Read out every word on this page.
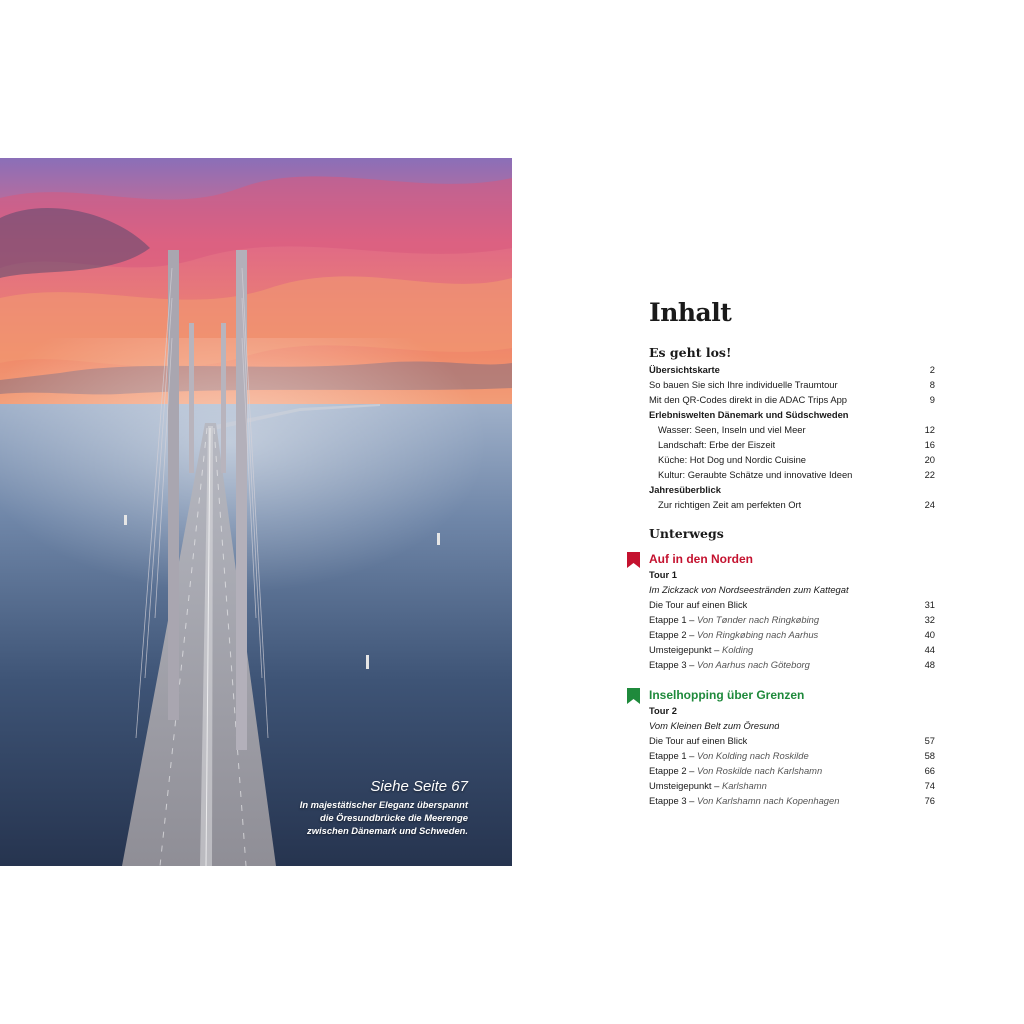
Siehe Seite 67
In majestätischer Eleganz überspannt
die Öresundbrücke die Meerenge
zwischen Dänemark und Schweden.
Inhalt
Es geht los!
Übersichtskarte	2
So bauen Sie sich Ihre individuelle Traumtour	8
Mit den QR-Codes direkt in die ADAC Trips App	9
Erlebniswelten Dänemark und Südschweden
Wasser: Seen, Inseln und viel Meer	12
Landschaft: Erbe der Eiszeit	16
Küche: Hot Dog und Nordic Cuisine	20
Kultur: Geraubte Schätze und innovative Ideen	22
Jahresüberblick
Zur richtigen Zeit am perfekten Ort	24
Unterwegs
Auf in den Norden
Tour 1
Im Zickzack von Nordseestränden zum Kattegat
Die Tour auf einen Blick	31
Etappe 1 – Von Tønder nach Ringkøbing	32
Etappe 2 – Von Ringkøbing nach Aarhus	40
Umsteigepunkt – Kolding	44
Etappe 3 – Von Aarhus nach Göteborg	48
Inselhopping über Grenzen
Tour 2
Vom Kleinen Belt zum Öresund
Die Tour auf einen Blick	57
Etappe 1 – Von Kolding nach Roskilde	58
Etappe 2 – Von Roskilde nach Karlshamn	66
Umsteigepunkt – Karlshamn	74
Etappe 3 – Von Karlshamn nach Kopenhagen	76
